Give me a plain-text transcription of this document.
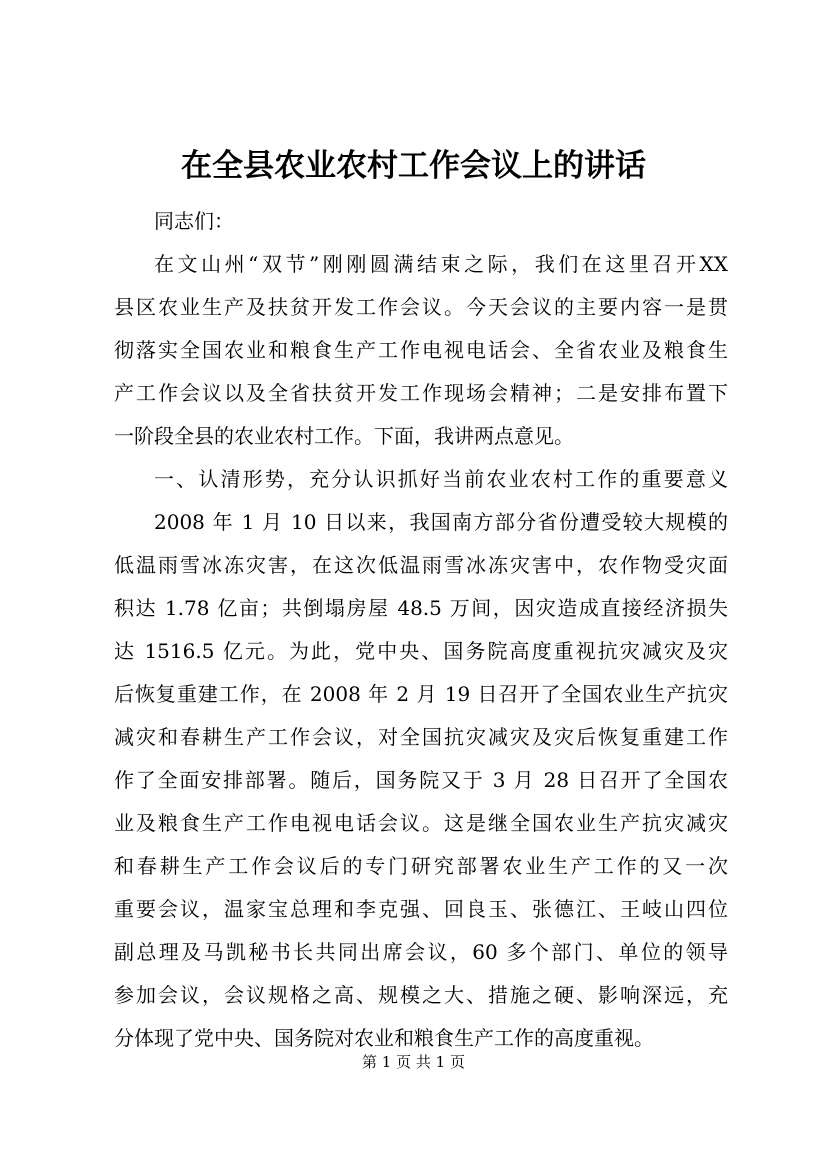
在全县农业农村工作会议上的讲话
同志们：
在文山州“双节”刚刚圆满结束之际，我们在这里召开XX
县区农业生产及扶贫开发工作会议。今天会议的主要内容一是贯
彻落实全国农业和粮食生产工作电视电话会、全省农业及粮食生
产工作会议以及全省扶贫开发工作现场会精神；二是安排布置下
一阶段全县的农业农村工作。下面，我讲两点意见。
一、认清形势，充分认识抓好当前农业农村工作的重要意义
2008 年 1 月 10 日以来，我国南方部分省份遭受较大规模的
低温雨雪冰冻灾害，在这次低温雨雪冰冻灾害中，农作物受灾面
积达 1.78 亿亩；共倒塌房屋 48.5 万间，因灾造成直接经济损失
达 1516.5 亿元。为此，党中央、国务院高度重视抗灾减灾及灾
后恢复重建工作，在 2008 年 2 月 19 日召开了全国农业生产抗灾
减灾和春耕生产工作会议，对全国抗灾减灾及灾后恢复重建工作
作了全面安排部署。随后，国务院又于 3 月 28 日召开了全国农
业及粮食生产工作电视电话会议。这是继全国农业生产抗灾减灾
和春耕生产工作会议后的专门研究部署农业生产工作的又一次
重要会议，温家宝总理和李克强、回良玉、张德江、王岐山四位
副总理及马凯秘书长共同出席会议，60 多个部门、单位的领导
参加会议，会议规格之高、规模之大、措施之硬、影响深远，充
分体现了党中央、国务院对农业和粮食生产工作的高度重视。
第 1 页 共 1 页
